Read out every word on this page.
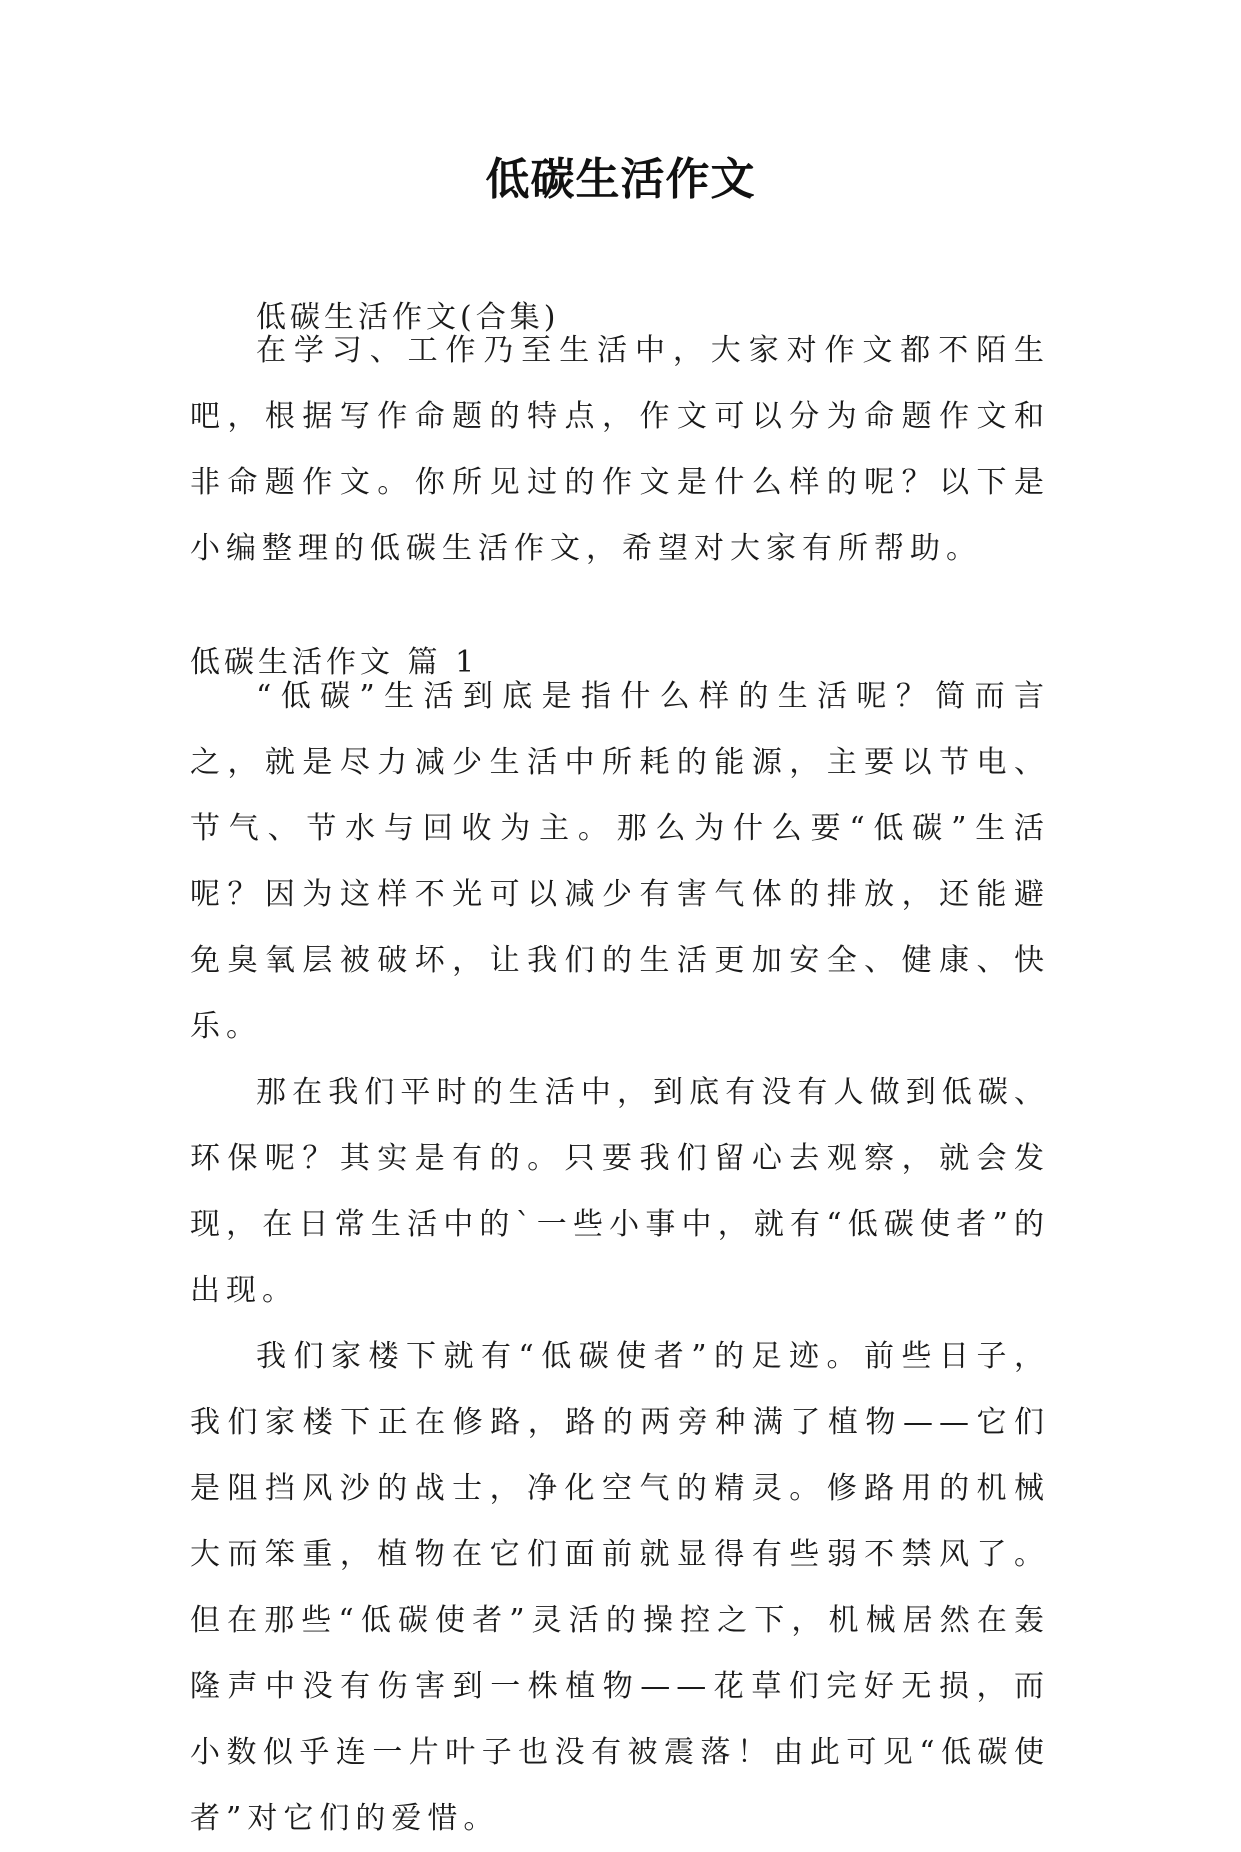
低碳生活作文
低碳生活作文(合集)

在学习、工作乃至生活中，大家对作文都不陌生吧，根据写作命题的特点，作文可以分为命题作文和非命题作文。你所见过的作文是什么样的呢？以下是小编整理的低碳生活作文，希望对大家有所帮助。

低碳生活作文 篇 1

“低碳”生活到底是指什么样的生活呢？简而言之，就是尽力减少生活中所耗的能源，主要以节电、节气、节水与回收为主。那么为什么要“低碳”生活呢？因为这样不光可以减少有害气体的排放，还能避免臭氧层被破坏，让我们的生活更加安全、健康、快乐。

那在我们平时的生活中，到底有没有人做到低碳、环保呢？其实是有的。只要我们留心去观察，就会发现，在日常生活中的`一些小事中，就有“低碳使者”的出现。

我们家楼下就有“低碳使者”的足迹。前些日子，我们家楼下正在修路，路的两旁种满了植物——它们是阻挡风沙的战士，净化空气的精灵。修路用的机械大而笨重，植物在它们面前就显得有些弱不禁风了。但在那些“低碳使者”灵活的操控之下，机械居然在轰隆声中没有伤害到一株植物——花草们完好无损，而小数似乎连一片叶子也没有被震落！由此可见“低碳使者”对它们的爱惜。
